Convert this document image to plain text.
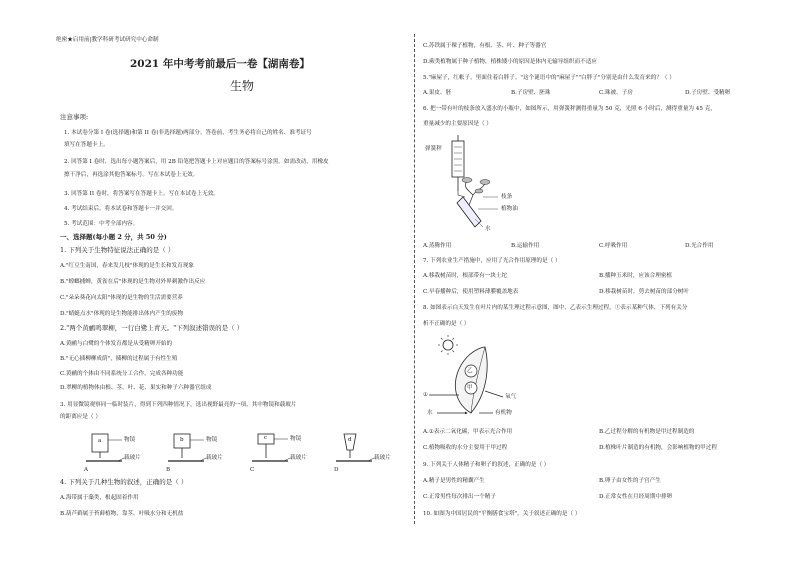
绝密★启用前|教学科研考试研究中心命制
2021 年中考考前最后一卷【湖南卷】
生物
注意事项:
1. 本试卷分第 I 卷(选择题)和第 II 卷(非选择题)两部分。答卷前，考生务必将自己的姓名、准考证号
填写在答题卡上。
2. 回答第 I 卷时，选出每小题答案后，用 2B 铅笔把答题卡上对应题目的答案标号涂黑。如需改动，用橡皮
擦干净后，再选涂其他答案标号。写在本试卷上无效。
3. 回答第 II 卷时，将答案写在答题卡上。写在本试卷上无效。
4. 考试结束后，将本试卷和答题卡一并交回。
5. 考试范围：中考全部内容。
一、选择题(每小题 2 分，共 50 分)
1. 下列关于生物特征说法正确的是（ ）
A."红豆生南国，春来发几枝"体现的是生长和发育现象
B."螳螂捕蝉，黄雀在后"体现的是生物对外界刺激作出反应
C."朵朵葵花向太阳"体现的是生物的生活需要营养
D."蜻蜓点水"体现的是生物能排出体内产生的废物
2."两个黄鹂鸣翠柳，一行白鹭上青天。"下列叙述错误的是（ ）
A.黄鹂与白鹭的个体发育都是从受精卵开始的
B."无心插柳柳成荫"，插柳的过程属于有性生殖
C.黄鹂的个体由不同系统分工合作，完成各种功能
D.翠柳的植物体由根、茎、叶、花、果实和种子六种器官组成
3. 用显微镜观察同一临时装片，得到下列四种情况下，选出视野最亮的一项，其中物镜和载玻片
的距离应是（ ）
a	物镜
载玻片
b	物镜
载玻片
c	物镜
载玻片
d
载玻片
A	B	C	D
4. 下列关于几种生物的叙述，正确的是（ ）
A.海带属于藻类，根起固着作用
B.葫芦藓属于苔藓植物，靠茎、叶吸水分和无机盐
C.苏铁属于裸子植物，有根、茎、叶、种子等器官
D.蕨类植物属于种子植物，植株矮小的原因是体内无输导组织而不适应
5."麻屋子，红帐子，里面住着白胖子。"这个谜语中的"麻屋子""白胖子"分别是由什么发育来的？（ ）
A.果皮、胚	B.子房壁、胚珠	C.珠被、子房	D.子房壁、受精卵
6. 把一带有叶的枝条放入盛水的小瓶中，如图所示，用弹簧秤测得重量为 50 克，光照 6 小时后，测得重量为 45 克，
重量减少的主要原因是（ ）
弹簧秤
枝条
植物油
水
A.蒸腾作用	B.运输作用	C.呼吸作用	D.光合作用
7. 下列农业生产措施中，应用了光合作用原理的是（ ）
A.移栽树苗时，根部带有一块土坨	B.播种玉米时，应该合理密植
C.早春播种后，使用塑料薄膜覆盖地表	D.移栽树苗时，剪去树苗的部分树叶
8. 如图表示白天发生在叶片内的某生理过程示意图，图中，乙表示生理过程，①表示某种气体，下列有关分
析不正确的是（ ）
乙
甲
①	氧气
水	有机物
A.①表示二氧化碳，甲表示光合作用	B.乙过程分解的有机物是甲过程制造的
C.植物吸收的水分主要用于甲过程	D.植株叶片制造的有机物，会影响植物的甲过程
9. 下列关于人体精子和卵子的叙述，正确的是（ ）
A.精子是男性的精囊产生	B.卵子由女性的子宫产生
C.正常男性每次排出一个精子	D.正常女性在月经周期中排卵
10. 如图为中国居民的"平衡膳食宝塔"，关于叙述正确的是（ ）
